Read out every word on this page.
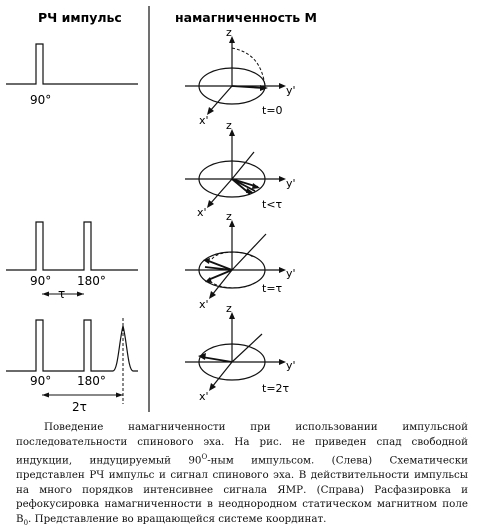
РЧ импульс	намагниченность М
90°
90° 180°
τ
90° 180°
2τ
z
y'
x'
t=0
z
y'
x'
t<τ
z
y'
x'
t=τ
z
y'
x'
t=2τ
Поведение намагниченности при использовании импульсной последовательности спинового эха. На рис. не приведен спад свободной индукции, индуцируемый $90^O$-ным импульсом. (Слева) Схематически представлен РЧ импульс и сигнал спинового эха. В действительности импульсы на много порядков интенсивнее сигнала ЯМР. (Справа) Расфазировка и рефокусировка намагниченности в неоднородном статическом магнитном поле $B_0$. Представление во вращающейся системе координат.
